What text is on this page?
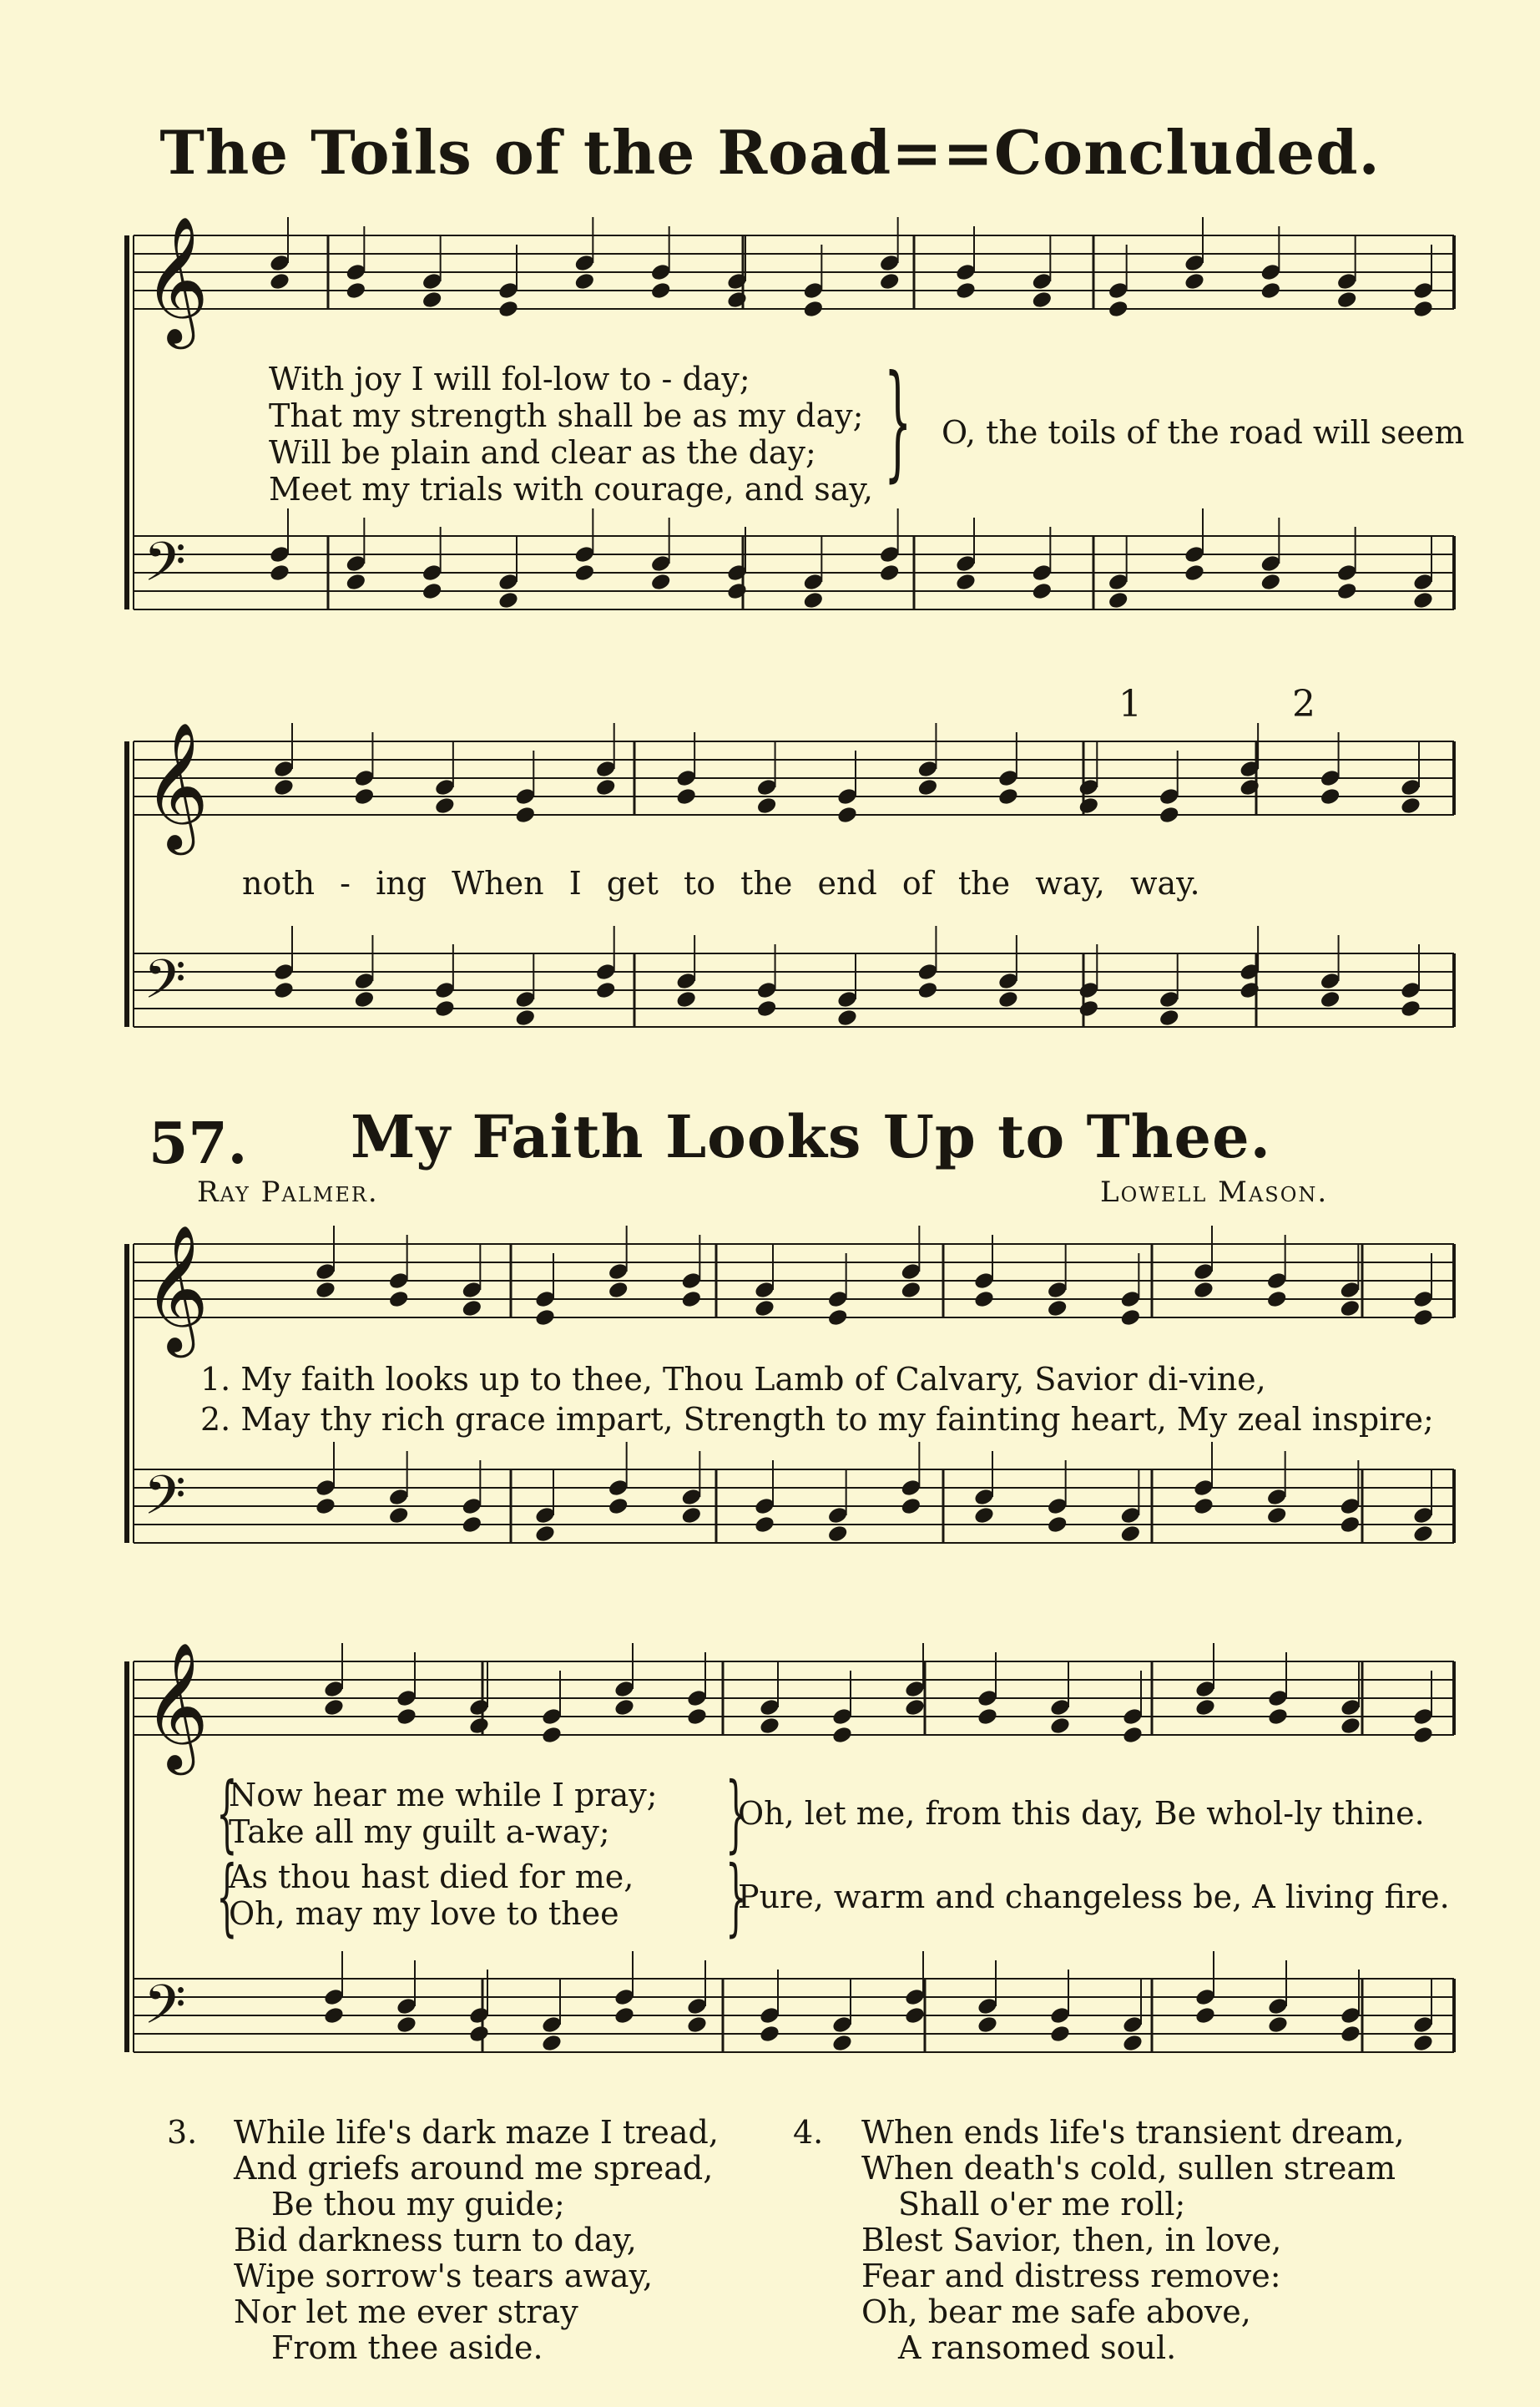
𝄞
𝄢
𝄞
𝄢
𝄞
𝄢
𝄞
𝄢
The Toils of the Road==Concluded.
With joy I will fol-low to - day;
That my strength shall be as my day;
Will be plain and clear as the day;
Meet my trials with courage, and say, } O, the toils of the road will seem
noth - ing When I get to the end of the way, way.
1	2
57. My Faith Looks Up to Thee.
Ray Palmer.	Lowell Mason.
1. My faith looks up to thee, Thou Lamb of Calvary, Savior di-vine,
2. May thy rich grace impart, Strength to my fainting heart, My zeal inspire;
{
Now hear me while I pray;
Take all my guilt a-way; }
Oh, let me, from this day, Be whol-ly thine.
{
As thou hast died for me,
Oh, may my love to thee }
Pure, warm and changeless be, A living fire.
3. While life's dark maze I tread,
And griefs around me spread,
Be thou my guide;
Bid darkness turn to day,
Wipe sorrow's tears away,
Nor let me ever stray
From thee aside.
4. When ends life's transient dream,
When death's cold, sullen stream
Shall o'er me roll;
Blest Savior, then, in love,
Fear and distress remove:
Oh, bear me safe above,
A ransomed soul.
